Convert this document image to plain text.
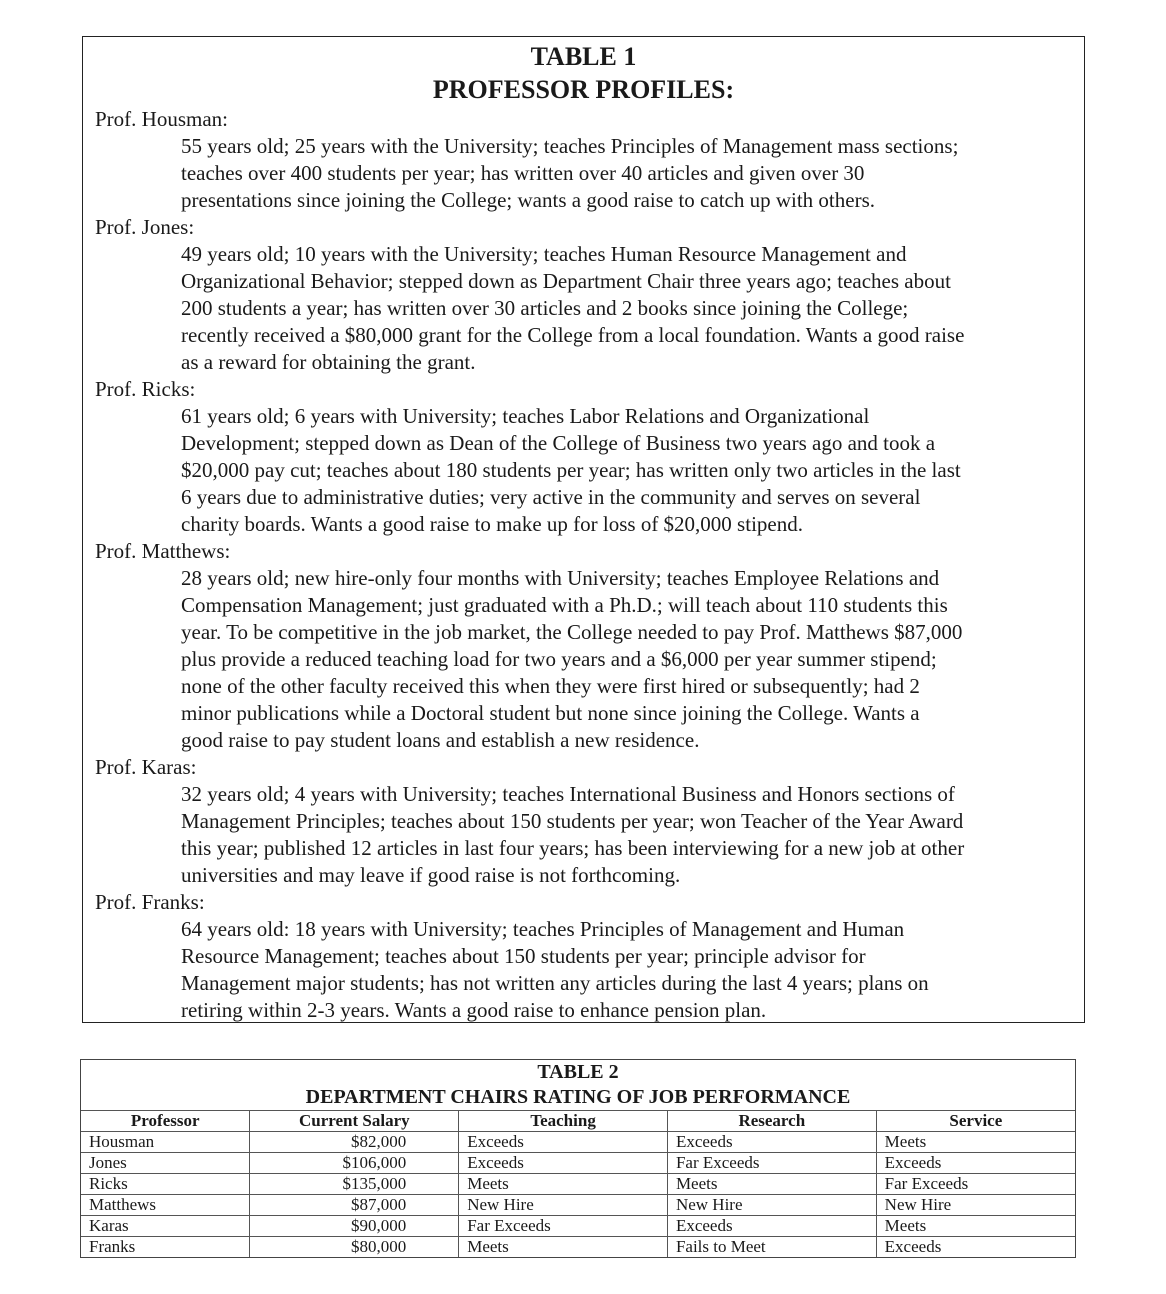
TABLE 1
PROFESSOR PROFILES:
Prof. Housman:
55 years old; 25 years with the University; teaches Principles of Management mass sections;
teaches over 400 students per year; has written over 40 articles and given over 30
presentations since joining the College; wants a good raise to catch up with others.
Prof. Jones:
49 years old; 10 years with the University; teaches Human Resource Management and
Organizational Behavior; stepped down as Department Chair three years ago; teaches about
200 students a year; has written over 30 articles and 2 books since joining the College;
recently received a $80,000 grant for the College from a local foundation. Wants a good raise
as a reward for obtaining the grant.
Prof. Ricks:
61 years old; 6 years with University; teaches Labor Relations and Organizational
Development; stepped down as Dean of the College of Business two years ago and took a
$20,000 pay cut; teaches about 180 students per year; has written only two articles in the last
6 years due to administrative duties; very active in the community and serves on several
charity boards. Wants a good raise to make up for loss of $20,000 stipend.
Prof. Matthews:
28 years old; new hire-only four months with University; teaches Employee Relations and
Compensation Management; just graduated with a Ph.D.; will teach about 110 students this
year. To be competitive in the job market, the College needed to pay Prof. Matthews $87,000
plus provide a reduced teaching load for two years and a $6,000 per year summer stipend;
none of the other faculty received this when they were first hired or subsequently; had 2
minor publications while a Doctoral student but none since joining the College. Wants a
good raise to pay student loans and establish a new residence.
Prof. Karas:
32 years old; 4 years with University; teaches International Business and Honors sections of
Management Principles; teaches about 150 students per year; won Teacher of the Year Award
this year; published 12 articles in last four years; has been interviewing for a new job at other
universities and may leave if good raise is not forthcoming.
Prof. Franks:
64 years old: 18 years with University; teaches Principles of Management and Human
Resource Management; teaches about 150 students per year; principle advisor for
Management major students; has not written any articles during the last 4 years; plans on
retiring within 2-3 years. Wants a good raise to enhance pension plan.
TABLE 2
DEPARTMENT CHAIRS RATING OF JOB PERFORMANCE
Professor	Current Salary	Teaching	Research	Service
Housman	$82,000	Exceeds	Exceeds	Meets
Jones	$106,000	Exceeds	Far Exceeds	Exceeds
Ricks	$135,000	Meets	Meets	Far Exceeds
Matthews	$87,000	New Hire	New Hire	New Hire
Karas	$90,000	Far Exceeds	Exceeds	Meets
Franks	$80,000	Meets	Fails to Meet	Exceeds
